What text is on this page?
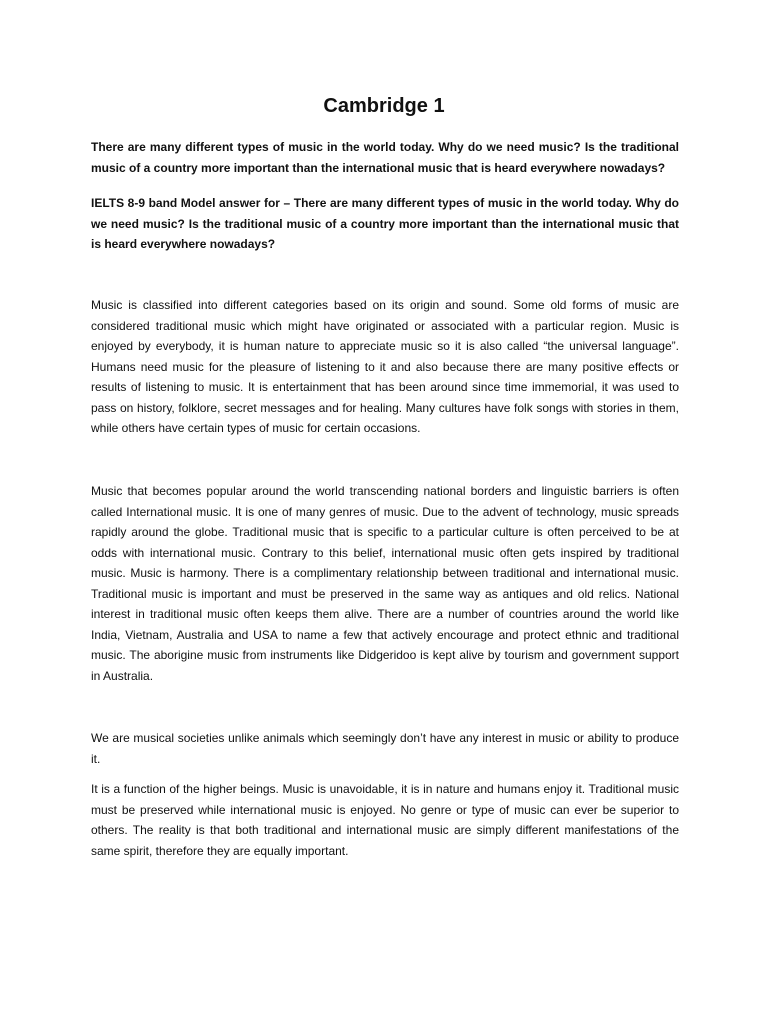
Cambridge 1

There are many different types of music in the world today. Why do we need music? Is the traditional music of a country more important than the international music that is heard everywhere nowadays?

IELTS 8-9 band Model answer for – There are many different types of music in the world today. Why do we need music? Is the traditional music of a country more important than the international music that is heard everywhere nowadays?

Music is classified into different categories based on its origin and sound. Some old forms of music are considered traditional music which might have originated or associated with a particular region. Music is enjoyed by everybody, it is human nature to appreciate music so it is also called “the universal language”. Humans need music for the pleasure of listening to it and also because there are many positive effects or results of listening to music. It is entertainment that has been around since time immemorial, it was used to pass on history, folklore, secret messages and for healing. Many cultures have folk songs with stories in them, while others have certain types of music for certain occasions.

Music that becomes popular around the world transcending national borders and linguistic barriers is often called International music. It is one of many genres of music. Due to the advent of technology, music spreads rapidly around the globe. Traditional music that is specific to a particular culture is often perceived to be at odds with international music. Contrary to this belief, international music often gets inspired by traditional music. Music is harmony. There is a complimentary relationship between traditional and international music. Traditional music is important and must be preserved in the same way as antiques and old relics. National interest in traditional music often keeps them alive. There are a number of countries around the world like India, Vietnam, Australia and USA to name a few that actively encourage and protect ethnic and traditional music. The aborigine music from instruments like Didgeridoo is kept alive by tourism and government support in Australia.

We are musical societies unlike animals which seemingly don’t have any interest in music or ability to produce it.

It is a function of the higher beings. Music is unavoidable, it is in nature and humans enjoy it. Traditional music must be preserved while international music is enjoyed. No genre or type of music can ever be superior to others. The reality is that both traditional and international music are simply different manifestations of the same spirit, therefore they are equally important.
